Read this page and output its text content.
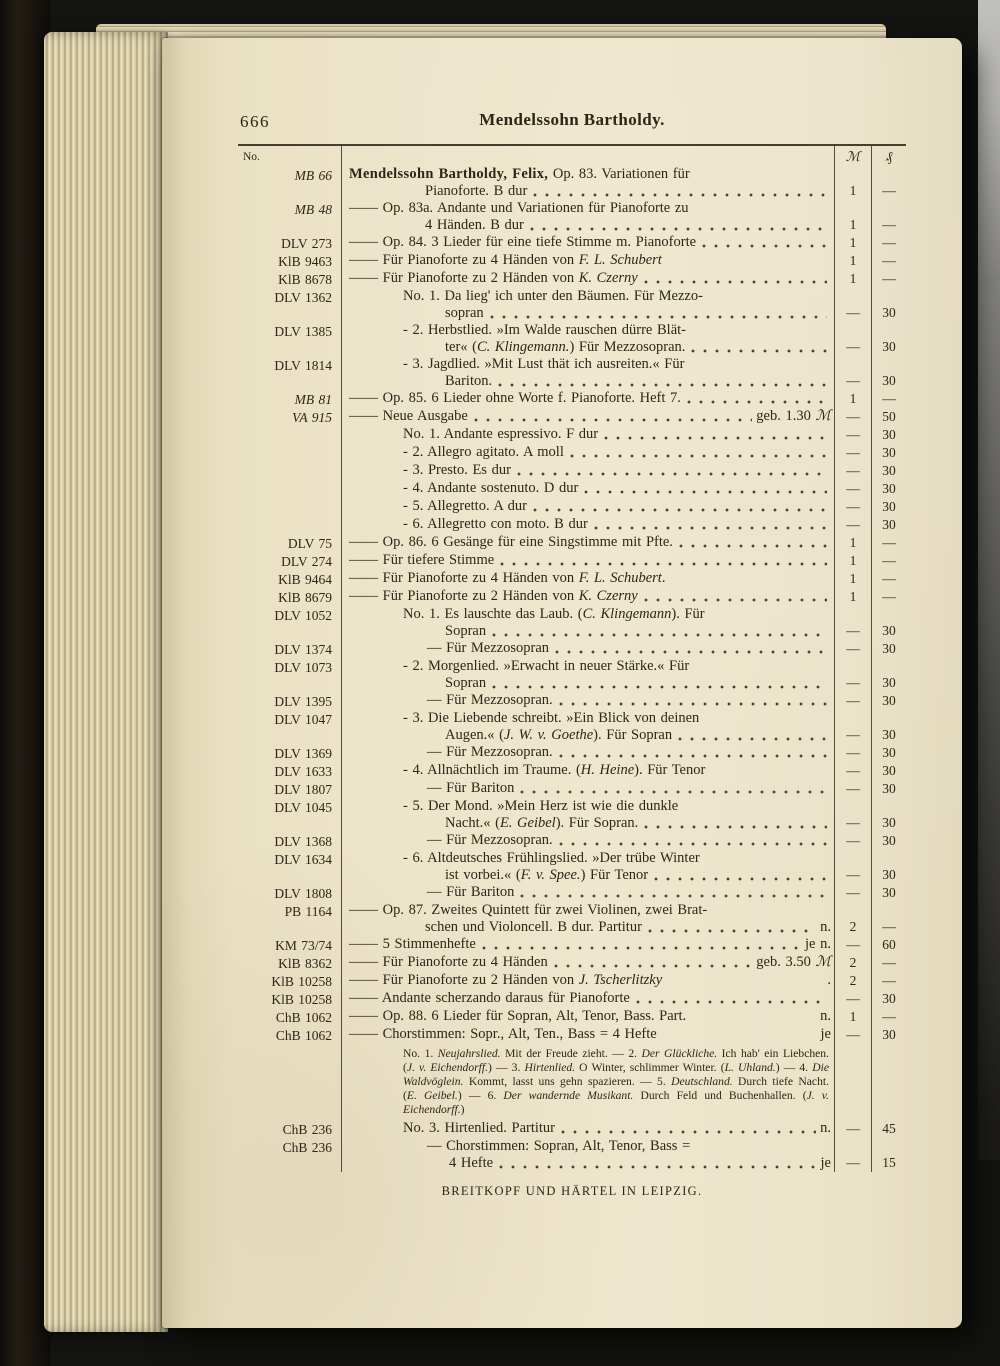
666	Mendelssohn Bartholdy.
No.	ℳ	₰
MB 66	Mendelssohn Bartholdy, Felix, Op. 83. Variationen für
Pianoforte. B dur	1	—
MB 48	—— Op. 83a. Andante und Variationen für Pianoforte zu
4 Händen. B dur	1	—
DLV 273	—— Op. 84. 3 Lieder für eine tiefe Stimme m. Pianoforte	1	—
KlB 9463	—— Für Pianoforte zu 4 Händen von F. L. Schubert	1	—
KlB 8678	—— Für Pianoforte zu 2 Händen von K. Czerny	1	—
DLV 1362	No. 1. Da lieg' ich unter den Bäumen. Für Mezzo-
sopran	—	30
DLV 1385	- 2. Herbstlied. »Im Walde rauschen dürre Blät-
ter« (C. Klingemann.) Für Mezzosopran.	—	30
DLV 1814	- 3. Jagdlied. »Mit Lust thät ich ausreiten.« Für
Bariton.	—	30
MB 81	—— Op. 85. 6 Lieder ohne Worte f. Pianoforte. Heft 7.	1	—
VA 915	—— Neue Ausgabe	geb. 1.30 ℳ	—	50
No. 1. Andante espressivo. F dur	—	30
- 2. Allegro agitato. A moll	—	30
- 3. Presto. Es dur	—	30
- 4. Andante sostenuto. D dur	—	30
- 5. Allegretto. A dur	—	30
- 6. Allegretto con moto. B dur	—	30
DLV 75	—— Op. 86. 6 Gesänge für eine Singstimme mit Pfte.	1	—
DLV 274	—— Für tiefere Stimme	1	—
KlB 9464	—— Für Pianoforte zu 4 Händen von F. L. Schubert.	1	—
KlB 8679	—— Für Pianoforte zu 2 Händen von K. Czerny	1	—
DLV 1052	No. 1. Es lauschte das Laub. (C. Klingemann). Für
Sopran	—	30
DLV 1374	— Für Mezzosopran	—	30
DLV 1073	- 2. Morgenlied. »Erwacht in neuer Stärke.« Für
Sopran	—	30
DLV 1395	— Für Mezzosopran.	—	30
DLV 1047	- 3. Die Liebende schreibt. »Ein Blick von deinen
Augen.« (J. W. v. Goethe). Für Sopran	—	30
DLV 1369	— Für Mezzosopran.	—	30
DLV 1633	- 4. Allnächtlich im Traume. (H. Heine). Für Tenor	—	30
DLV 1807	— Für Bariton	—	30
DLV 1045	- 5. Der Mond. »Mein Herz ist wie die dunkle
Nacht.« (E. Geibel). Für Sopran.	—	30
DLV 1368	— Für Mezzosopran.	—	30
DLV 1634	- 6. Altdeutsches Frühlingslied. »Der trübe Winter
ist vorbei.« (F. v. Spee.) Für Tenor	—	30
DLV 1808	— Für Bariton	—	30
PB 1164	—— Op. 87. Zweites Quintett für zwei Violinen, zwei Brat-
schen und Violoncell. B dur. Partitur	n.	2	—
KM 73/74	—— 5 Stimmenhefte	je n.	—	60
KlB 8362	—— Für Pianoforte zu 4 Händen	geb. 3.50 ℳ	2	—
KlB 10258	—— Für Pianoforte zu 2 Händen von J. Tscherlitzky	.	2	—
KlB 10258	—— Andante scherzando daraus für Pianoforte	—	30
ChB 1062	—— Op. 88. 6 Lieder für Sopran, Alt, Tenor, Bass. Part.	n.	1	—
ChB 1062	—— Chorstimmen: Sopr., Alt, Ten., Bass = 4 Hefte	je	—	30
No. 1. Neujahrslied. Mit der Freude zieht. — 2. Der Glückliche. Ich hab' ein Liebchen. (J. v. Eichendorff.) — 3. Hirtenlied. O Winter, schlimmer Winter. (L. Uhland.) — 4. Die Waldvöglein. Kommt, lasst uns gehn spazieren. — 5. Deutschland. Durch tiefe Nacht. (E. Geibel.) — 6. Der wandernde Musikant. Durch Feld und Buchenhallen. (J. v. Eichendorff.)
ChB 236	No. 3. Hirtenlied. Partitur	n.	—	45
ChB 236	— Chorstimmen: Sopran, Alt, Tenor, Bass =
4 Hefte	je	—	15
BREITKOPF UND HÄRTEL IN LEIPZIG.
